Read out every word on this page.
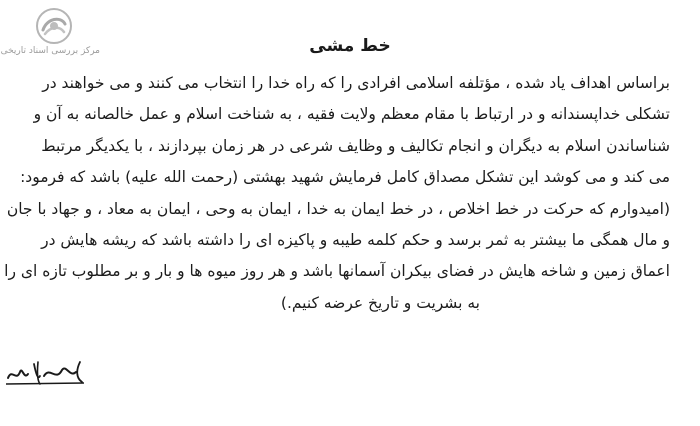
مرکز بررسی اسناد تاریخی	خط مشی
براساس اهداف یاد شده ، مؤتلفه اسلامی افرادی را که راه خدا را انتخاب می کنند و می خواهند در
تشکلی خداپسندانه و در ارتباط با مقام معظم ولایت فقیه ، به شناخت اسلام و عمل خالصانه به آن و
شناساندن اسلام به دیگران و انجام تکالیف و وظایف شرعی در هر زمان بپردازند ، با یکدیگر مرتبط
می کند و می کوشد این تشکل مصداق کامل فرمایش شهید بهشتی (رحمت الله علیه) باشد که فرمود:
(امیدوارم که حرکت در خط اخلاص ، در خط ایمان به خدا ، ایمان به وحی ، ایمان به معاد ، و جهاد با جان
و مال همگی ما بیشتر به ثمر برسد و حکم کلمه طیبه و پاکیزه ای را داشته باشد که ریشه هایش در
اعماق زمین و شاخه هایش در فضای بیکران آسمانها باشد و هر روز میوه ها و بار و بر مطلوب تازه ای را
به بشریت و تاریخ عرضه کنیم.)
